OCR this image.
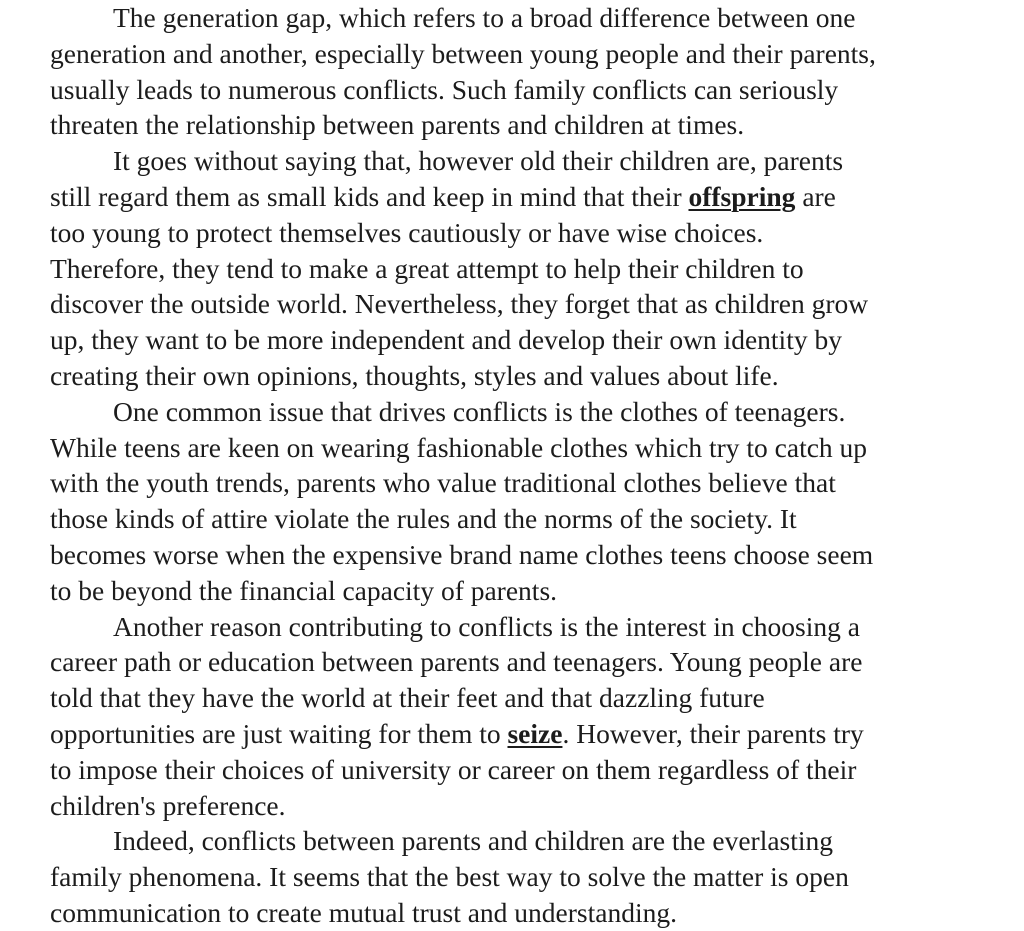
The generation gap, which refers to a broad difference between one
generation and another, especially between young people and their parents,
usually leads to numerous conflicts. Such family conflicts can seriously
threaten the relationship between parents and children at times.

It goes without saying that, however old their children are, parents
still regard them as small kids and keep in mind that their offspring are
too young to protect themselves cautiously or have wise choices.
Therefore, they tend to make a great attempt to help their children to
discover the outside world. Nevertheless, they forget that as children grow
up, they want to be more independent and develop their own identity by
creating their own opinions, thoughts, styles and values about life.

One common issue that drives conflicts is the clothes of teenagers.
While teens are keen on wearing fashionable clothes which try to catch up
with the youth trends, parents who value traditional clothes believe that
those kinds of attire violate the rules and the norms of the society. It
becomes worse when the expensive brand name clothes teens choose seem
to be beyond the financial capacity of parents.

Another reason contributing to conflicts is the interest in choosing a
career path or education between parents and teenagers. Young people are
told that they have the world at their feet and that dazzling future
opportunities are just waiting for them to seize. However, their parents try
to impose their choices of university or career on them regardless of their
children's preference.

Indeed, conflicts between parents and children are the everlasting
family phenomena. It seems that the best way to solve the matter is open
communication to create mutual trust and understanding.
